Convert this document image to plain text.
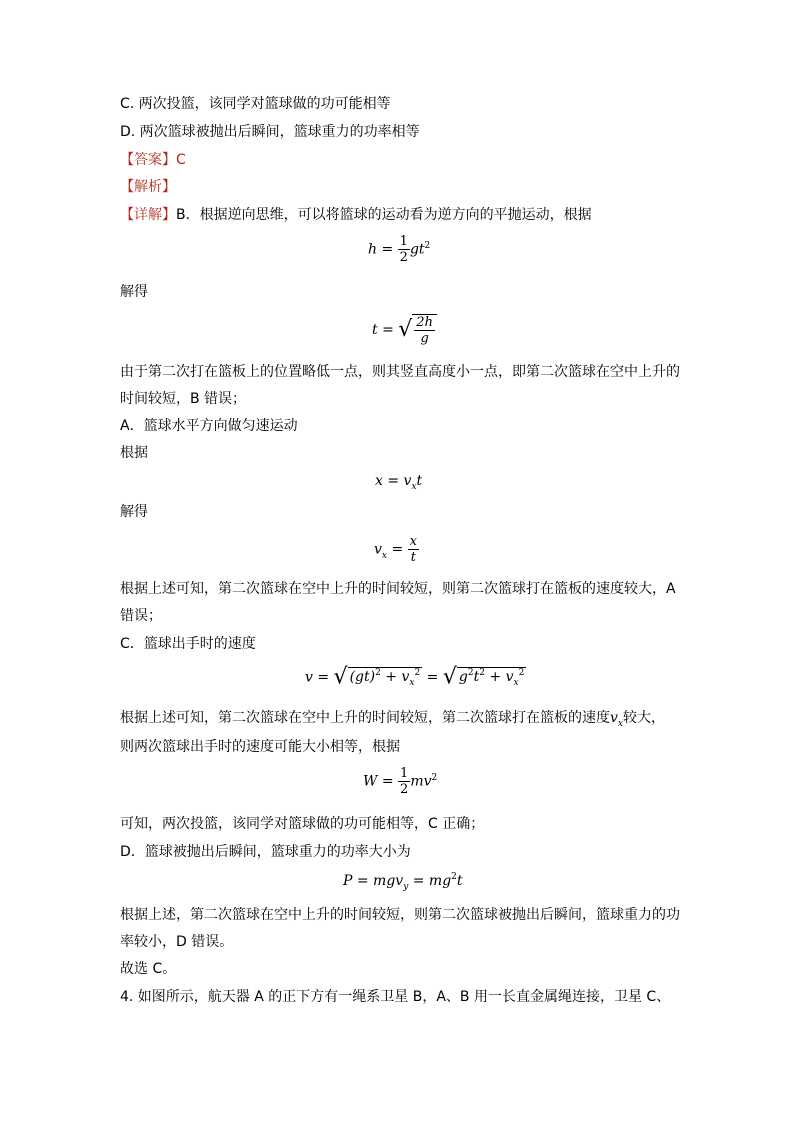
C. 两次投篮，该同学对篮球做的功可能相等
D. 两次篮球被抛出后瞬间，篮球重力的功率相等
【答案】C
【解析】
【详解】B．根据逆向思维，可以将篮球的运动看为逆方向的平抛运动，根据
$h = \frac{1}{2} gt^2$
解得
t = √ $\frac{2h}{g}$
由于第二次打在篮板上的位置略低一点，则其竖直高度小一点，即第二次篮球在空中上升的
时间较短，B 错误；
A．篮球水平方向做匀速运动
根据
$x = v_xt$
解得
$v_x = \frac{x}{t}$
根据上述可知，第二次篮球在空中上升的时间较短，则第二次篮球打在篮板的速度较大，A
错误；
C．篮球出手时的速度
v = √ $(gt)^2 + v_x^2$ = √ $g^2t^2 + v_x^2$
根据上述可知，第二次篮球在空中上升的时间较短，第二次篮球打在篮板的速度$v_x$较大，
则两次篮球出手时的速度可能大小相等，根据
$W = \frac{1}{2} mv^2$
可知，两次投篮，该同学对篮球做的功可能相等，C 正确；
D．篮球被抛出后瞬间，篮球重力的功率大小为
$P = mgv_y = mg^2t$
根据上述，第二次篮球在空中上升的时间较短，则第二次篮球被抛出后瞬间，篮球重力的功
率较小，D 错误。
故选 C。
4. 如图所示，航天器 A 的正下方有一绳系卫星 B，A、B 用一长直金属绳连接，卫星 C、
